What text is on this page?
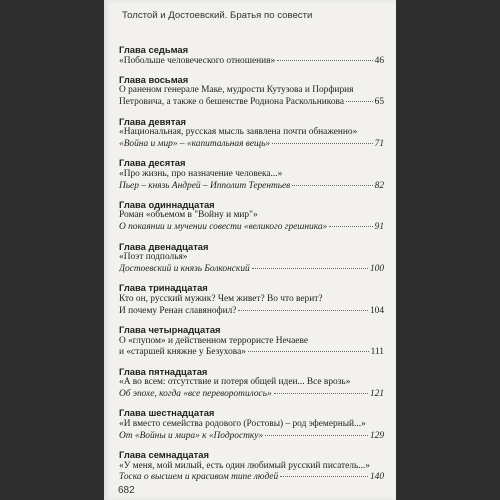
Толстой и Достоевский. Братья по совести
Глава седьмая
«Побольше человеческого отношения»	46
Глава восьмая
О раненом генерале Маке, мудрости Кутузова и Порфирия
Петровича, а также о бешенстве Родиона Раскольникова	65
Глава девятая
«Национальная, русская мысль заявлена почти обнаженно»
«Война и мир» – «капитальная вещь»	71
Глава десятая
«Про жизнь, про назначение человека...»
Пьер – князь Андрей – Ипполит Терентьев	82
Глава одиннадцатая
Роман «объемом в "Войну и мир"»
О покаянии и мучении совести «великого грешника»	91
Глава двенадцатая
«Поэт подполья»
Достоевский и князь Болконский	100
Глава тринадцатая
Кто он, русский мужик? Чем живет? Во что верит?
И почему Ренан славянофил?	104
Глава четырнадцатая
О «глупом» и действенном террористе Нечаеве
и «старшей княжне у Безухова»	111
Глава пятнадцатая
«А во всем: отсутствие и потеря общей идеи... Все врозь»
Об эпохе, когда «все переворотилось»	121
Глава шестнадцатая
«И вместо семейства родового (Ростовы) – род эфемерный...»
От «Войны и мира» к «Подростку»	129
Глава семнадцатая
«У меня, мой милый, есть один любимый русский писатель...»
Тоска о высшем и красивом типе людей	140
682
